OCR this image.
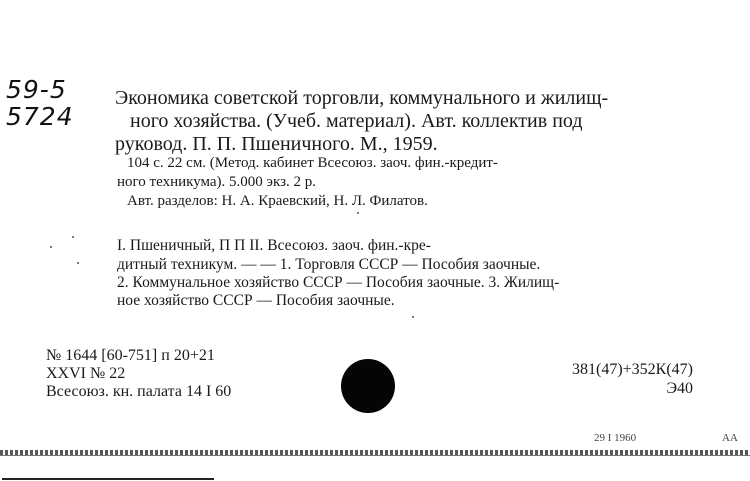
59-5
5724
Экономика советской торговли, коммунального и жилищ-
ного хозяйства. (Учеб. материал). Авт. коллектив под
руковод. П. П. Пшеничного. М., 1959.
104 с. 22 см. (Метод. кабинет Всесоюз. заоч. фин.-кредит-
ного техникума). 5.000 экз. 2 р.
Авт. разделов: Н. А. Краевский, Н. Л. Филатов.
I. Пшеничный, П П II. Всесоюз. заоч. фин.-кре-
дитный техникум. — — 1. Торговля СССР — Пособия заочные.
2. Коммунальное хозяйство СССР — Пособия заочные. 3. Жилищ-
ное хозяйство СССР — Пособия заочные.
№ 1644 [60-751] п 20+21
XXVI № 22
Всесоюз. кн. палата 14 I 60
381(47)+352К(47)
Э40
29 I 1960	АА
